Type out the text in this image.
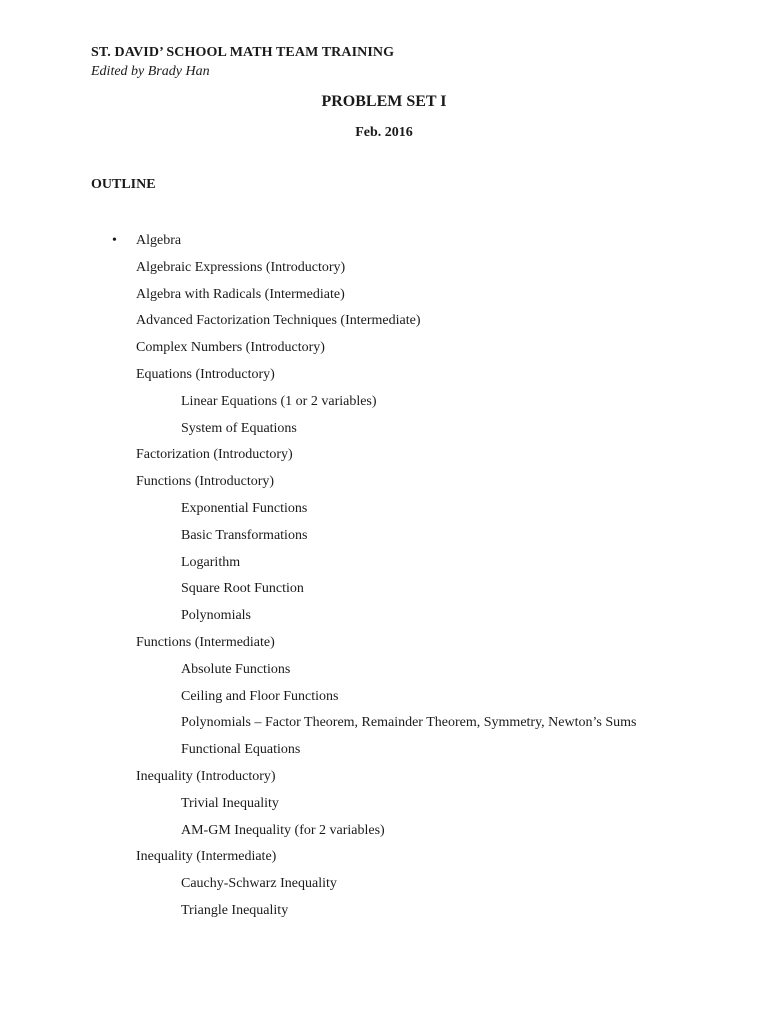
ST. DAVID’ SCHOOL MATH TEAM TRAINING
Edited by Brady Han
PROBLEM SET I
Feb. 2016
OUTLINE
• Algebra
Algebraic Expressions (Introductory)
Algebra with Radicals (Intermediate)
Advanced Factorization Techniques (Intermediate)
Complex Numbers (Introductory)
Equations (Introductory)
Linear Equations (1 or 2 variables)
System of Equations
Factorization (Introductory)
Functions (Introductory)
Exponential Functions
Basic Transformations
Logarithm
Square Root Function
Polynomials
Functions (Intermediate)
Absolute Functions
Ceiling and Floor Functions
Polynomials – Factor Theorem, Remainder Theorem, Symmetry, Newton’s Sums
Functional Equations
Inequality (Introductory)
Trivial Inequality
AM-GM Inequality (for 2 variables)
Inequality (Intermediate)
Cauchy-Schwarz Inequality
Triangle Inequality
